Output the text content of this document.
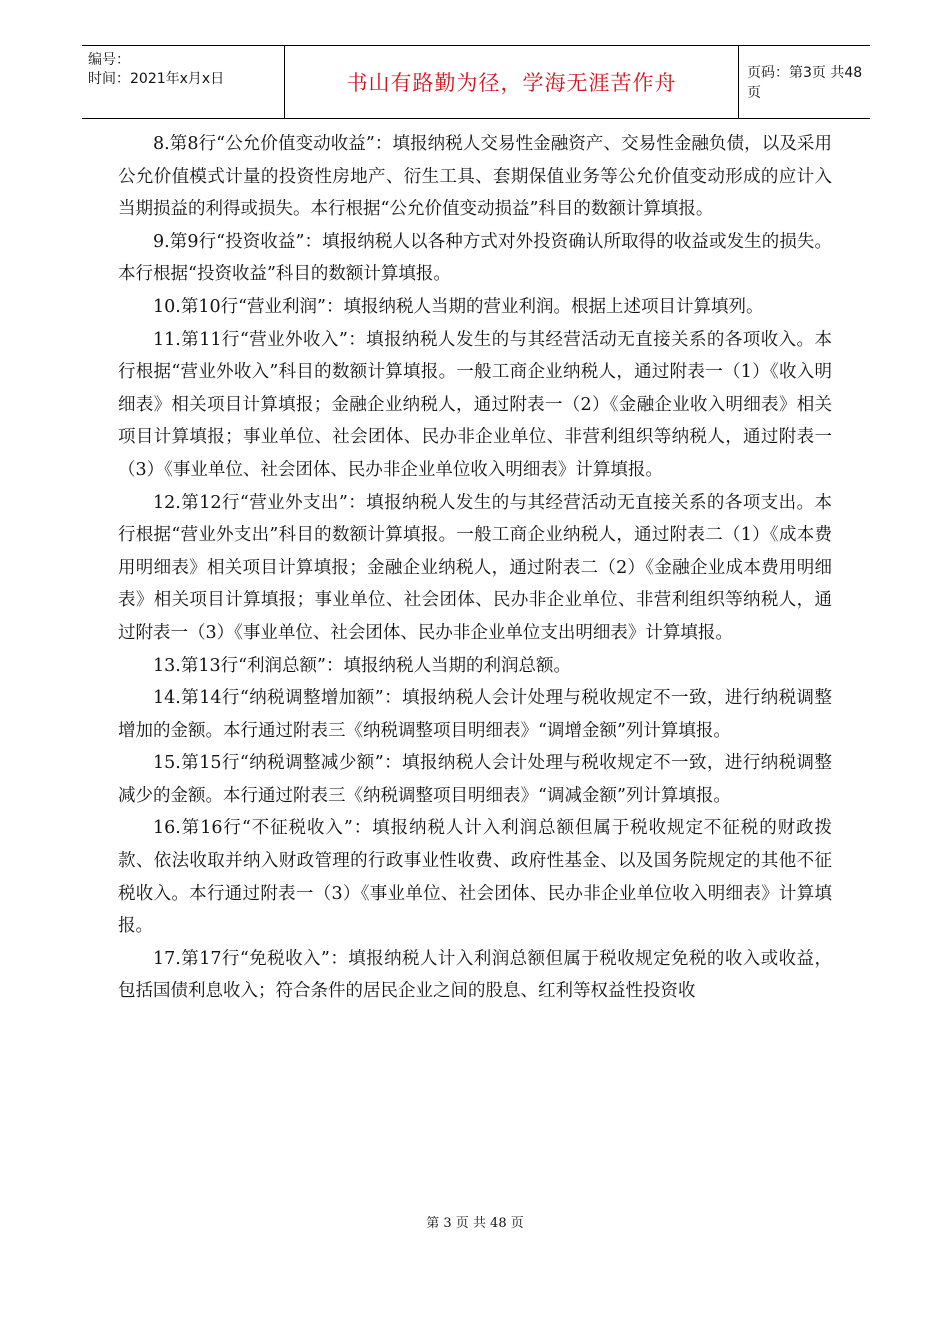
编号：
时间：2021年x月x日	书山有路勤为径，学海无涯苦作舟	页码：第3页 共48页

8.第8行“公允价值变动收益”：填报纳税人交易性金融资产、交易性金融负债，以及采用公允价值模式计量的投资性房地产、衍生工具、套期保值业务等公允价值变动形成的应计入当期损益的利得或损失。本行根据“公允价值变动损益”科目的数额计算填报。

9.第9行“投资收益”：填报纳税人以各种方式对外投资确认所取得的收益或发生的损失。本行根据“投资收益”科目的数额计算填报。

10.第10行“营业利润”：填报纳税人当期的营业利润。根据上述项目计算填列。

11.第11行“营业外收入”：填报纳税人发生的与其经营活动无直接关系的各项收入。本行根据“营业外收入”科目的数额计算填报。一般工商企业纳税人，通过附表一（1）《收入明细表》相关项目计算填报；金融企业纳税人，通过附表一（2）《金融企业收入明细表》相关项目计算填报；事业单位、社会团体、民办非企业单位、非营利组织等纳税人，通过附表一（3）《事业单位、社会团体、民办非企业单位收入明细表》计算填报。

12.第12行“营业外支出”：填报纳税人发生的与其经营活动无直接关系的各项支出。本行根据“营业外支出”科目的数额计算填报。一般工商企业纳税人，通过附表二（1）《成本费用明细表》相关项目计算填报；金融企业纳税人，通过附表二（2）《金融企业成本费用明细表》相关项目计算填报；事业单位、社会团体、民办非企业单位、非营利组织等纳税人，通过附表一（3）《事业单位、社会团体、民办非企业单位支出明细表》计算填报。

13.第13行“利润总额”：填报纳税人当期的利润总额。

14.第14行“纳税调整增加额”：填报纳税人会计处理与税收规定不一致，进行纳税调整增加的金额。本行通过附表三《纳税调整项目明细表》“调增金额”列计算填报。

15.第15行“纳税调整减少额”：填报纳税人会计处理与税收规定不一致，进行纳税调整减少的金额。本行通过附表三《纳税调整项目明细表》“调减金额”列计算填报。

16.第16行“不征税收入”：填报纳税人计入利润总额但属于税收规定不征税的财政拨款、依法收取并纳入财政管理的行政事业性收费、政府性基金、以及国务院规定的其他不征税收入。本行通过附表一（3）《事业单位、社会团体、民办非企业单位收入明细表》计算填报。

17.第17行“免税收入”：填报纳税人计入利润总额但属于税收规定免税的收入或收益，包括国债利息收入；符合条件的居民企业之间的股息、红利等权益性投资收

第 3 页 共 48 页
